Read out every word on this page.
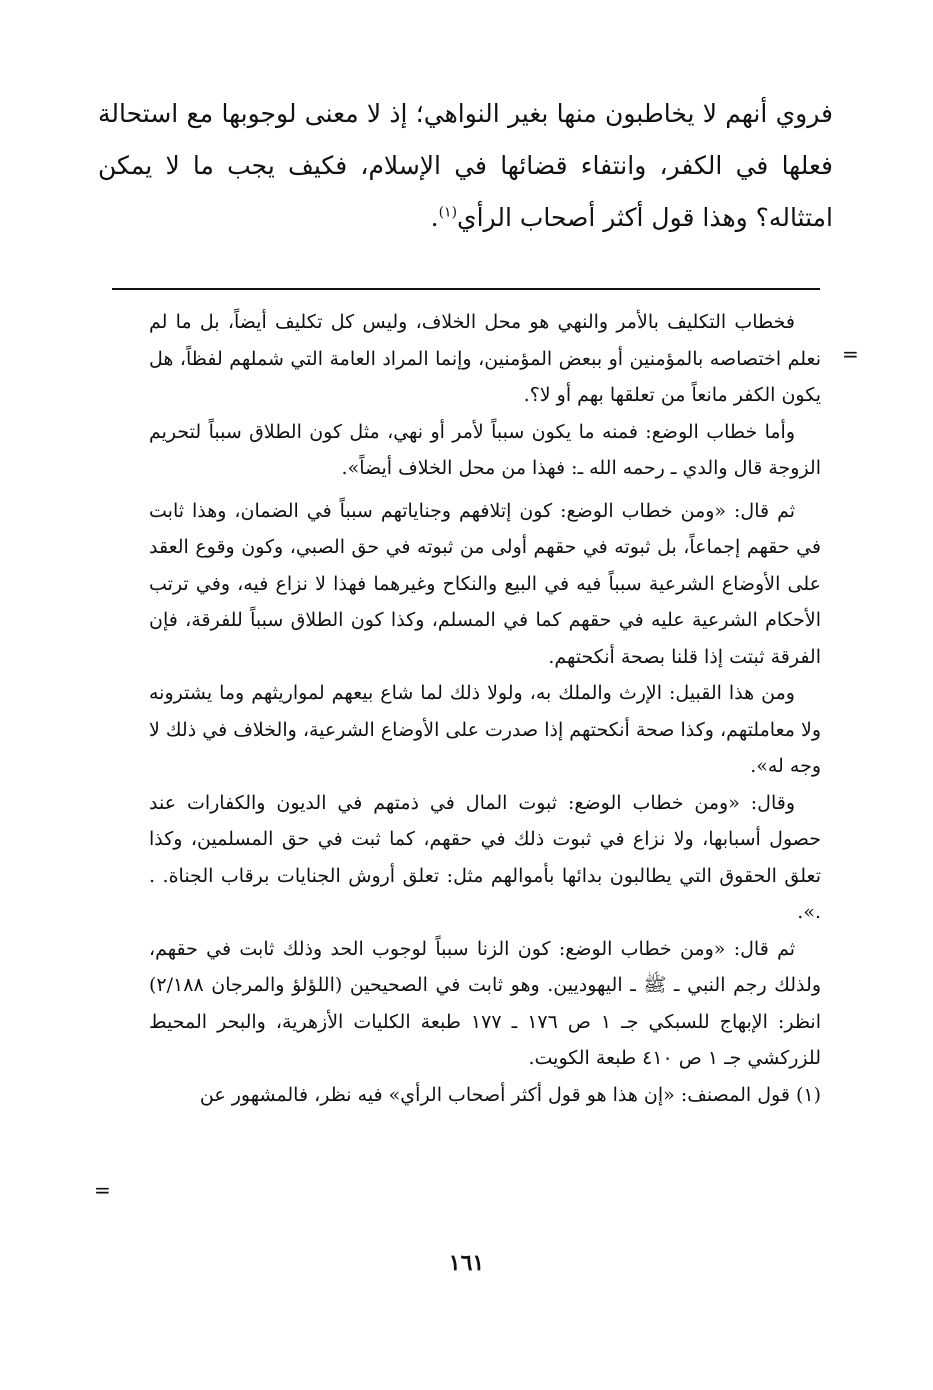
فروي أنهم لا يخاطبون منها بغير النواهي؛ إذ لا معنى لوجوبها مع استحالة فعلها في الكفر، وانتفاء قضائها في الإسلام، فكيف يجب ما لا يمكن امتثاله؟ وهذا قول أكثر أصحاب الرأي$^{(١)}$.
=

فخطاب التكليف بالأمر والنهي هو محل الخلاف، وليس كل تكليف أيضاً، بل ما لم نعلم اختصاصه بالمؤمنين أو ببعض المؤمنين، وإنما المراد العامة التي شملهم لفظاً، هل يكون الكفر مانعاً من تعلقها بهم أو لا؟.

وأما خطاب الوضع: فمنه ما يكون سبباً لأمر أو نهي، مثل كون الطلاق سبباً لتحريم الزوجة قال والدي ـ رحمه الله ـ: فهذا من محل الخلاف أيضاً».

ثم قال: «ومن خطاب الوضع: كون إتلافهم وجناياتهم سبباً في الضمان، وهذا ثابت في حقهم إجماعاً، بل ثبوته في حقهم أولى من ثبوته في حق الصبي، وكون وقوع العقد على الأوضاع الشرعية سبباً فيه في البيع والنكاح وغيرهما فهذا لا نزاع فيه، وفي ترتب الأحكام الشرعية عليه في حقهم كما في المسلم، وكذا كون الطلاق سبباً للفرقة، فإن الفرقة ثبتت إذا قلنا بصحة أنكحتهم.

ومن هذا القبيل: الإرث والملك به، ولولا ذلك لما شاع بيعهم لمواريثهم وما يشترونه ولا معاملتهم، وكذا صحة أنكحتهم إذا صدرت على الأوضاع الشرعية، والخلاف في ذلك لا وجه له».

وقال: «ومن خطاب الوضع: ثبوت المال في ذمتهم في الديون والكفارات عند حصول أسبابها، ولا نزاع في ثبوت ذلك في حقهم، كما ثبت في حق المسلمين، وكذا تعلق الحقوق التي يطالبون بدائها بأموالهم مثل: تعلق أروش الجنايات برقاب الجناة. . .».

ثم قال: «ومن خطاب الوضع: كون الزنا سبباً لوجوب الحد وذلك ثابت في حقهم، ولذلك رجم النبي ـ ﷺ ـ اليهوديين. وهو ثابت في الصحيحين (اللؤلؤ والمرجان ٢/١٨٨) انظر: الإبهاج للسبكي جـ ١ ص ١٧٦ ـ ١٧٧ طبعة الكليات الأزهرية، والبحر المحيط للزركشي جـ ١ ص ٤١٠ طبعة الكويت.

(١) قول المصنف: «إن هذا هو قول أكثر أصحاب الرأي» فيه نظر، فالمشهور عن

=
١٦١
